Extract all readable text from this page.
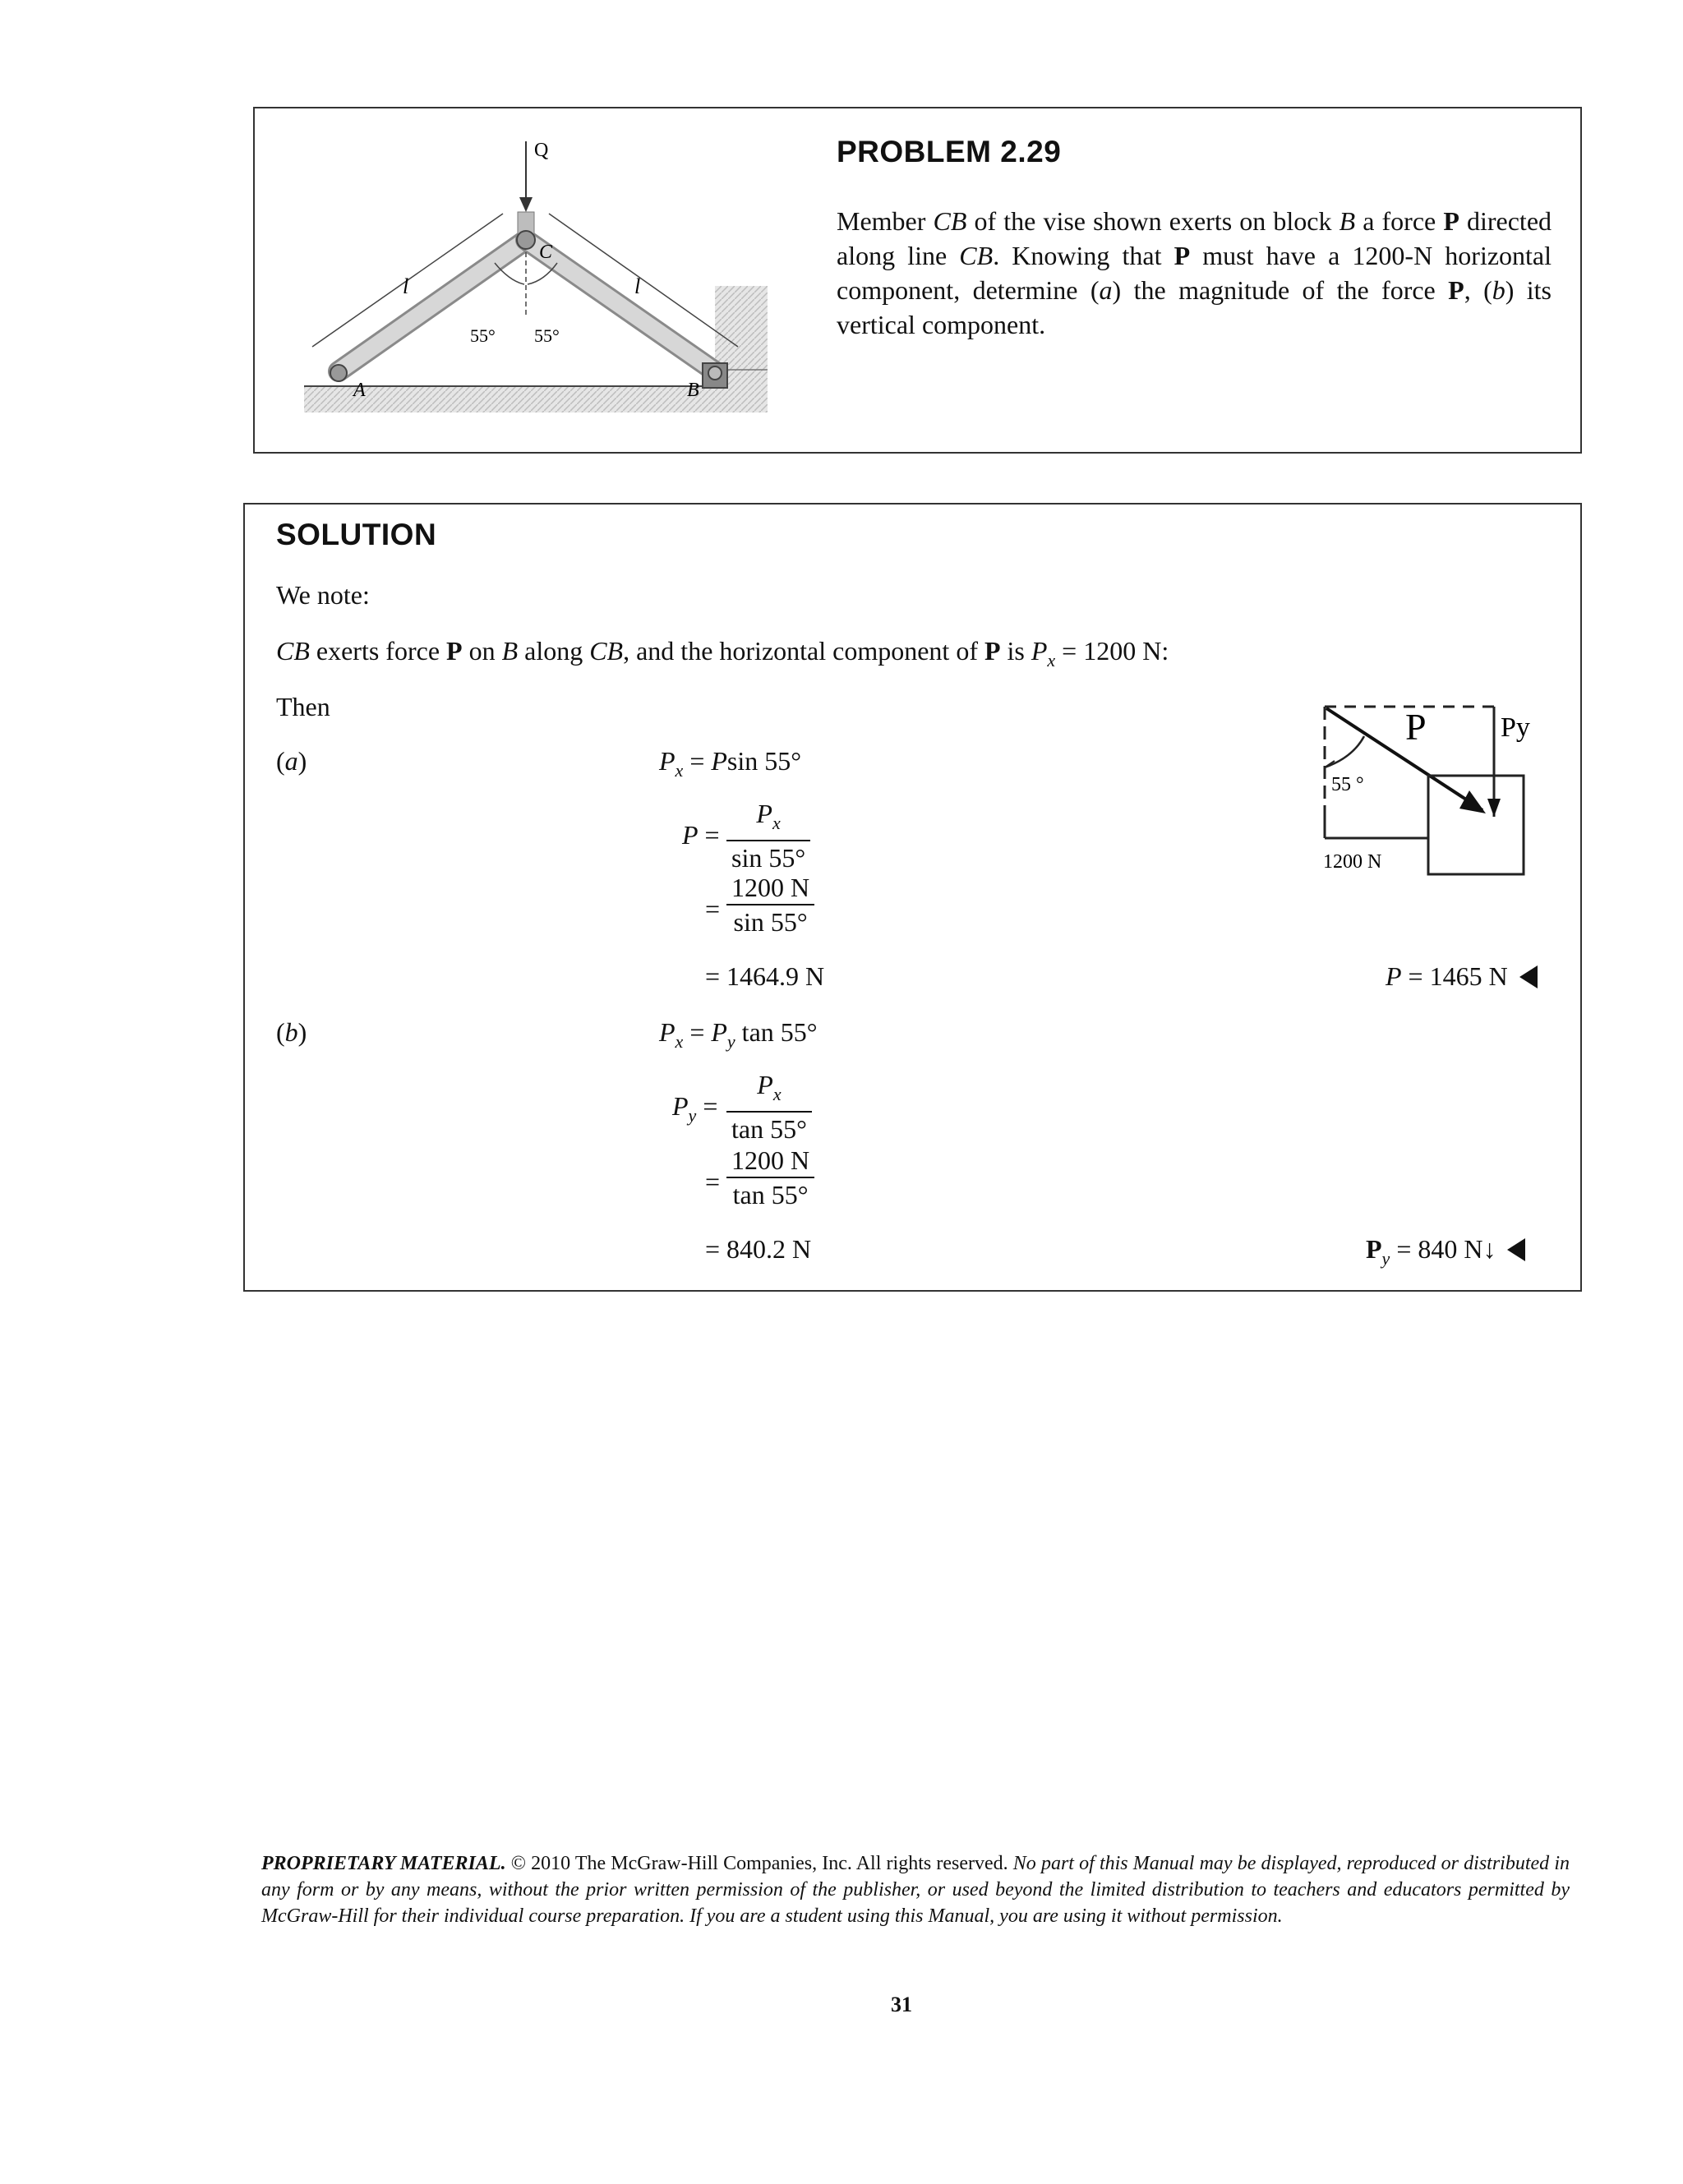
Q
C
A	B
l	l
55° 55°
PROBLEM 2.29
Member CB of the vise shown exerts on block B a force P directed along line CB. Knowing that P must have a 1200-N horizontal component, determine (a) the magnitude of the force P, (b) its vertical component.
SOLUTION
We note:
CB exerts force P on B along CB, and the horizontal component of P is $P_x = 1200$ N:
Then
(a)	$P_x = Psin$ 55°
$P = \frac{P_x}{\sin 55^\circ}$
= $\frac{1200 N}{\sin 55^\circ}$
= 1464.9 N	P = 1465 N
(b)	$P_x = P_y$ tan 55°
$P_y = \frac{P_x}{\tan 55^\circ}$
= $\frac{1200 N}{\tan 55^\circ}$
= 840.2 N	$P_y = 840$ N↓
P	Py
55 °
1200 N
PROPRIETARY MATERIAL. © 2010 The McGraw-Hill Companies, Inc. All rights reserved. No part of this Manual may be displayed, reproduced or distributed in any form or by any means, without the prior written permission of the publisher, or used beyond the limited distribution to teachers and educators permitted by McGraw-Hill for their individual course preparation. If you are a student using this Manual, you are using it without permission.
31
